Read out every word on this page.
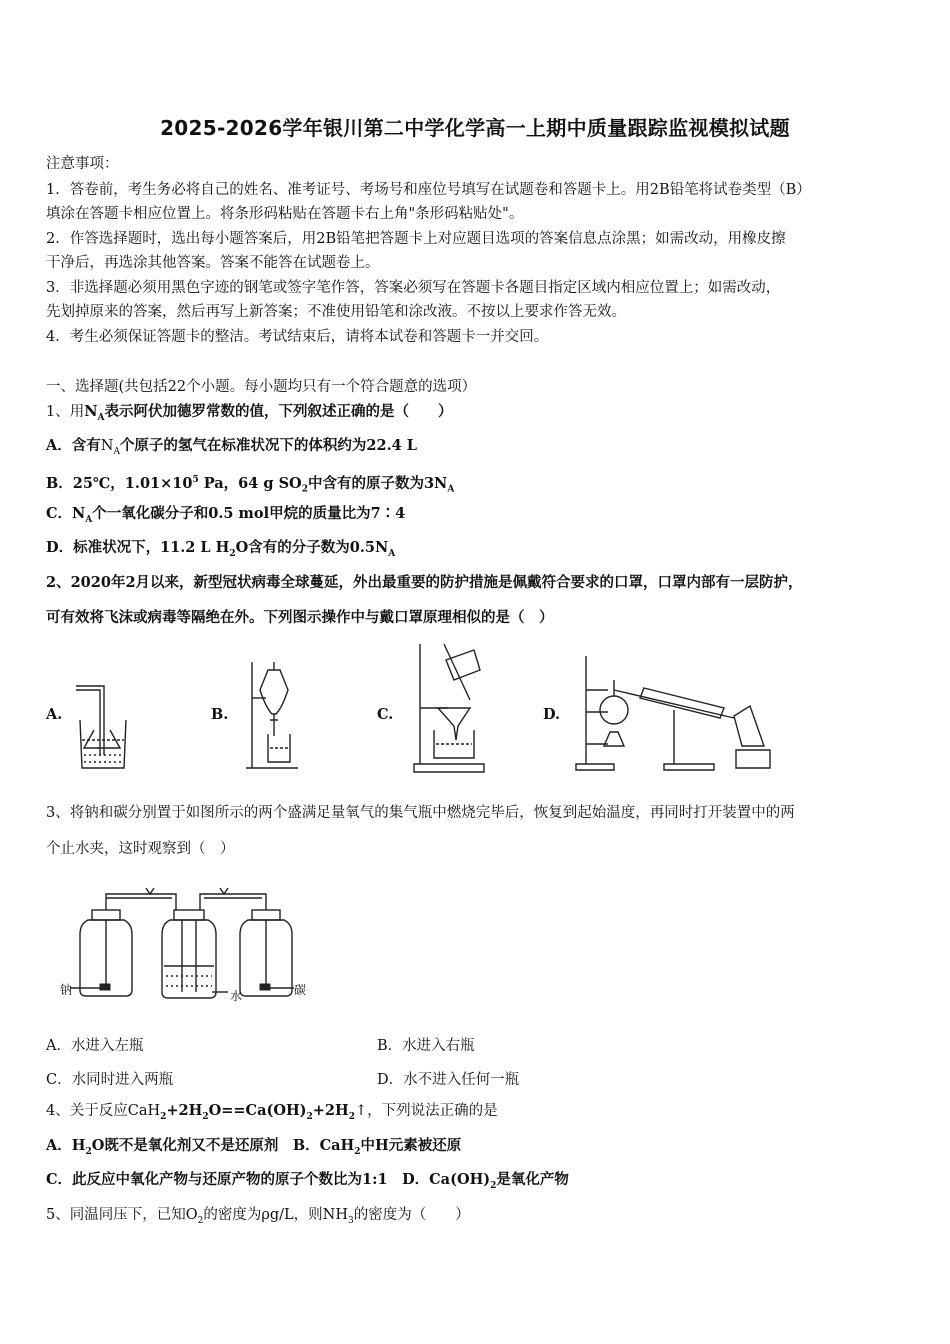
2025-2026学年银川第二中学化学高一上期中质量跟踪监视模拟试题
注意事项：
1．答卷前，考生务必将自己的姓名、准考证号、考场号和座位号填写在试题卷和答题卡上。用2B铅笔将试卷类型（B）
填涂在答题卡相应位置上。将条形码粘贴在答题卡右上角"条形码粘贴处"。
2．作答选择题时，选出每小题答案后，用2B铅笔把答题卡上对应题目选项的答案信息点涂黑；如需改动，用橡皮擦
干净后，再选涂其他答案。答案不能答在试题卷上。
3．非选择题必须用黑色字迹的钢笔或签字笔作答，答案必须写在答题卡各题目指定区域内相应位置上；如需改动，
先划掉原来的答案，然后再写上新答案；不准使用铅笔和涂改液。不按以上要求作答无效。
4．考生必须保证答题卡的整洁。考试结束后，请将本试卷和答题卡一并交回。
一、选择题(共包括22个小题。每小题均只有一个符合题意的选项）
1、用$N_A$表示阿伏加德罗常数的值，下列叙述正确的是（　　）
A．含有$N_A$个原子的氢气在标准状况下的体积约为22.4 L
B．25℃，$1.01\times 10^5$ Pa，64 g $SO_2$中含有的原子数为$3N_A$
C．$N_A$个一氧化碳分子和0.5 mol甲烷的质量比为7∶4
D．标准状况下，11.2 L $H_2O$含有的分子数为$0.5N_A$
2、2020年2月以来，新型冠状病毒全球蔓延，外出最重要的防护措施是佩戴符合要求的口罩，口罩内部有一层防护，
可有效将飞沫或病毒等隔绝在外。下列图示操作中与戴口罩原理相似的是（　）
A.	B.	C.	D.
3、将钠和碳分别置于如图所示的两个盛满足量氧气的集气瓶中燃烧完毕后，恢复到起始温度，再同时打开装置中的两
个止水夹，这时观察到（　）
钠	水	碳
A．水进入左瓶	B．水进入右瓶
C．水同时进入两瓶	D．水不进入任何一瓶
4、关于反应$CaH_2+2H_2O==Ca(OH)_2+2H_2↑$，下列说法正确的是
A．$H_2O$既不是氧化剂又不是还原剂　B．CaH$_2$中H元素被还原
C．此反应中氧化产物与还原产物的原子个数比为1:1　D．$Ca(OH)_2$是氧化产物
5、同温同压下，已知$O_2$的密度为ρg/L，则$NH_3$的密度为（　　）
